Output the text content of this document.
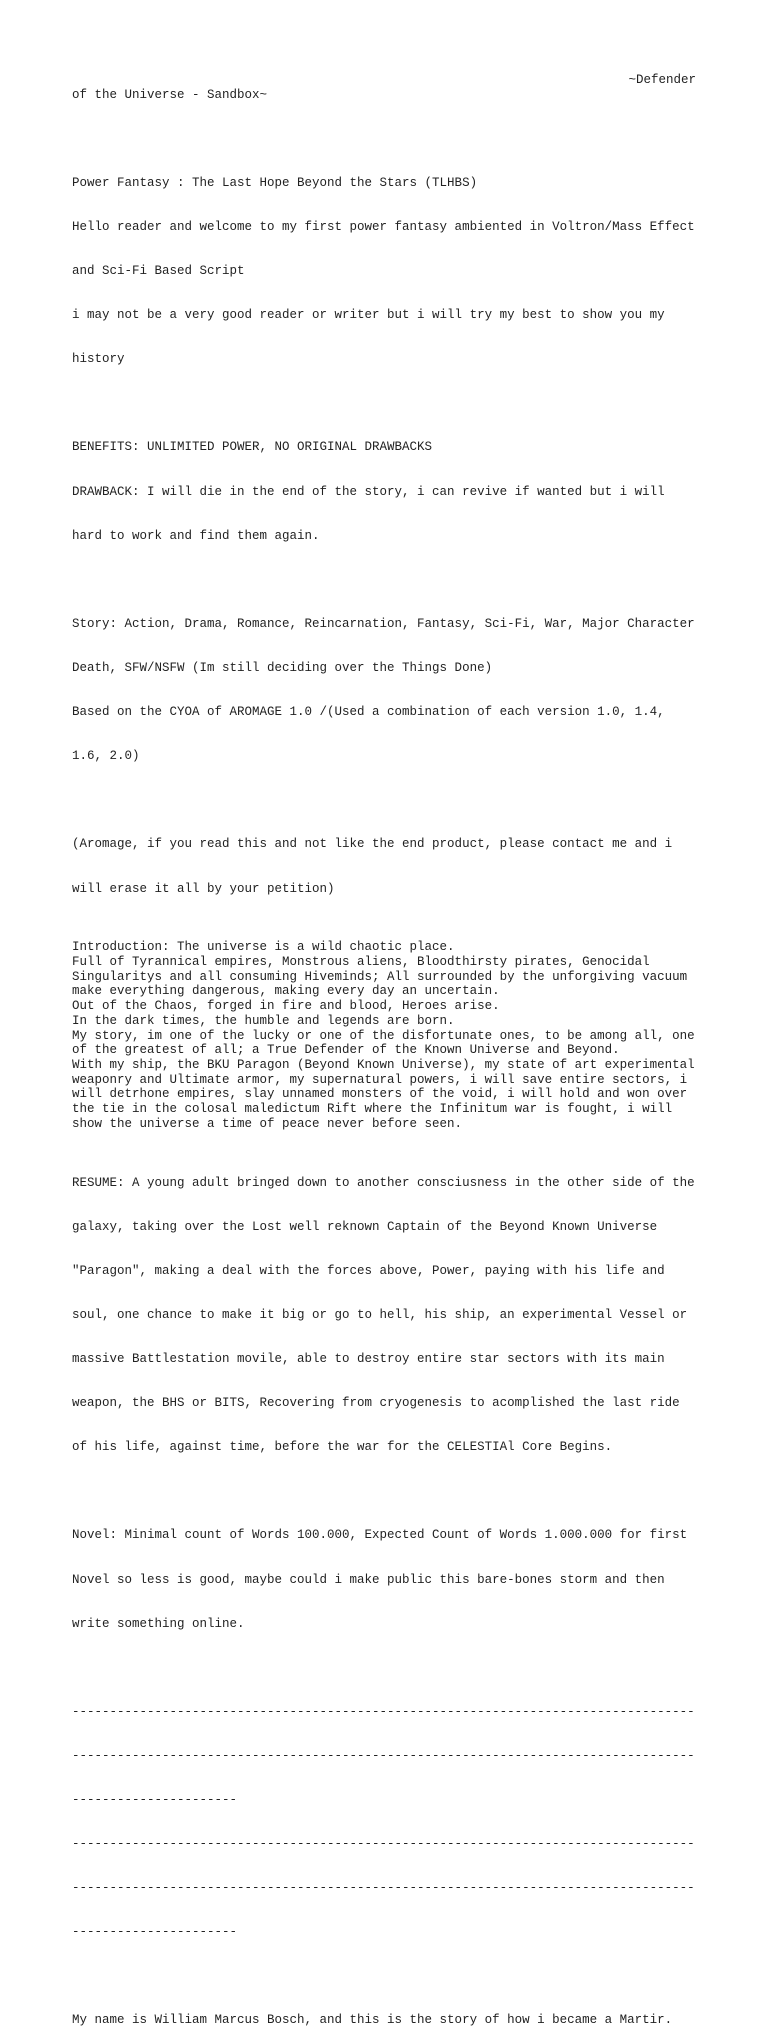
~Defender
of the Universe - Sandbox~

Power Fantasy : The Last Hope Beyond the Stars (TLHBS)

Hello reader and welcome to my first power fantasy ambiented in Voltron/Mass Effect

and Sci-Fi Based Script

i may not be a very good reader or writer but i will try my best to show you my

history

BENEFITS: UNLIMITED POWER, NO ORIGINAL DRAWBACKS

DRAWBACK: I will die in the end of the story, i can revive if wanted but i will

hard to work and find them again.

Story: Action, Drama, Romance, Reincarnation, Fantasy, Sci-Fi, War, Major Character

Death, SFW/NSFW (Im still deciding over the Things Done)

Based on the CYOA of AROMAGE 1.0 /(Used a combination of each version 1.0, 1.4,

1.6, 2.0)

(Aromage, if you read this and not like the end product, please contact me and i

will erase it all by your petition)

Introduction: The universe is a wild chaotic place.
Full of Tyrannical empires, Monstrous aliens, Bloodthirsty pirates, Genocidal
Singularitys and all consuming Hiveminds; All surrounded by the unforgiving vacuum
make everything dangerous, making every day an uncertain.
Out of the Chaos, forged in fire and blood, Heroes arise.
In the dark times, the humble and legends are born.
My story, im one of the lucky or one of the disfortunate ones, to be among all, one
of the greatest of all; a True Defender of the Known Universe and Beyond.
With my ship, the BKU Paragon (Beyond Known Universe), my state of art experimental
weaponry and Ultimate armor, my supernatural powers, i will save entire sectors, i
will detrhone empires, slay unnamed monsters of the void, i will hold and won over
the tie in the colosal maledictum Rift where the Infinitum war is fought, i will
show the universe a time of peace never before seen.

RESUME: A young adult bringed down to another consciusness in the other side of the

galaxy, taking over the Lost well reknown Captain of the Beyond Known Universe

"Paragon", making a deal with the forces above, Power, paying with his life and

soul, one chance to make it big or go to hell, his ship, an experimental Vessel or

massive Battlestation movile, able to destroy entire star sectors with its main

weapon, the BHS or BITS, Recovering from cryogenesis to acomplished the last ride

of his life, against time, before the war for the CELESTIAl Core Begins.

Novel: Minimal count of Words 100.000, Expected Count of Words 1.000.000 for first

Novel so less is good, maybe could i make public this bare-bones storm and then

write something online.

-----------------------------------------------------------------------------------

-----------------------------------------------------------------------------------

----------------------

-----------------------------------------------------------------------------------

-----------------------------------------------------------------------------------

----------------------

My name is William Marcus Bosch, and this is the story of how i became a Martir.
